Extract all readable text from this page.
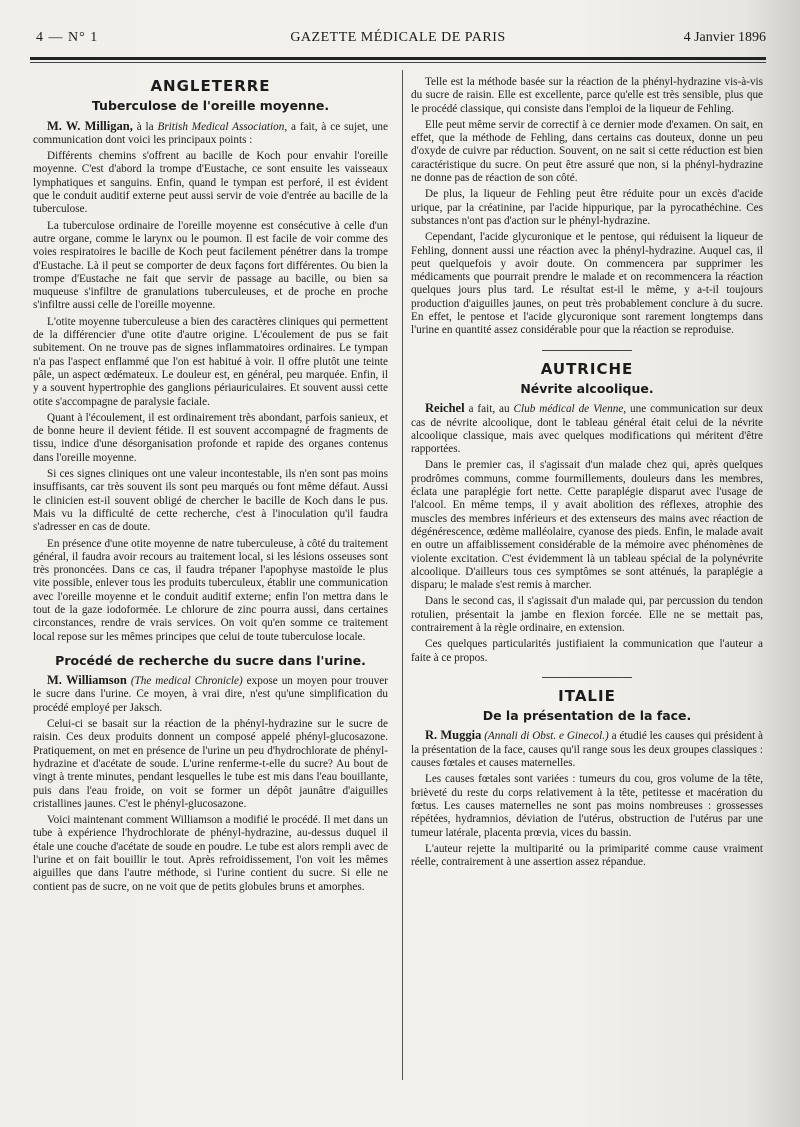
4 — N° 1	GAZETTE MÉDICALE DE PARIS	4 Janvier 1896
ANGLETERRE
Tuberculose de l'oreille moyenne.

M. W. Milligan, à la British Medical Association, a fait, à ce sujet, une communication dont voici les principaux points :

Différents chemins s'offrent au bacille de Koch pour envahir l'oreille moyenne. C'est d'abord la trompe d'Eustache, ce sont ensuite les vaisseaux lymphatiques et sanguins. Enfin, quand le tympan est perforé, il est évident que le conduit auditif externe peut aussi servir de voie d'entrée au bacille de la tuberculose.

La tuberculose ordinaire de l'oreille moyenne est consécutive à celle d'un autre organe, comme le larynx ou le poumon. Il est facile de voir comme des voies respiratoires le bacille de Koch peut facilement pénétrer dans la trompe d'Eustache. Là il peut se comporter de deux façons fort différentes. Ou bien la trompe d'Eustache ne fait que servir de passage au bacille, ou bien sa muqueuse s'infiltre de granulations tuberculeuses, et de proche en proche s'infiltre aussi celle de l'oreille moyenne.

L'otite moyenne tuberculeuse a bien des caractères cliniques qui permettent de la différencier d'une otite d'autre origine. L'écoulement de pus se fait subitement. On ne trouve pas de signes inflammatoires ordinaires. Le tympan n'a pas l'aspect enflammé que l'on est habitué à voir. Il offre plutôt une teinte pâle, un aspect œdémateux. Le douleur est, en général, peu marquée. Enfin, il y a souvent hypertrophie des ganglions périauriculaires. Et souvent aussi cette otite s'accompagne de paralysie faciale.

Quant à l'écoulement, il est ordinairement très abondant, parfois sanieux, et de bonne heure il devient fétide. Il est souvent accompagné de fragments de tissu, indice d'une désorganisation profonde et rapide des organes contenus dans l'oreille moyenne.

Si ces signes cliniques ont une valeur incontestable, ils n'en sont pas moins insuffisants, car très souvent ils sont peu marqués ou font même défaut. Aussi le clinicien est-il souvent obligé de chercher le bacille de Koch dans le pus. Mais vu la difficulté de cette recherche, c'est à l'inoculation qu'il faudra s'adresser en cas de doute.

En présence d'une otite moyenne de natre tuberculeuse, à côté du traitement général, il faudra avoir recours au traitement local, si les lésions osseuses sont très prononcées. Dans ce cas, il faudra trépaner l'apophyse mastoïde le plus vite possible, enlever tous les produits tuberculeux, établir une communication avec l'oreille moyenne et le conduit auditif externe; enfin l'on mettra dans le tout de la gaze iodoformée. Le chlorure de zinc pourra aussi, dans certaines circonstances, rendre de vrais services. On voit qu'en somme ce traitement local repose sur les mêmes principes que celui de toute tuberculose locale.

Procédé de recherche du sucre dans l'urine.

M. Williamson (The medical Chronicle) expose un moyen pour trouver le sucre dans l'urine. Ce moyen, à vrai dire, n'est qu'une simplification du procédé employé per Jaksch.

Celui-ci se basait sur la réaction de la phényl-hydrazine sur le sucre de raisin. Ces deux produits donnent un composé appelé phényl-glucosazone. Pratiquement, on met en présence de l'urine un peu d'hydrochlorate de phényl-hydrazine et d'acétate de soude. L'urine renferme-t-elle du sucre? Au bout de vingt à trente minutes, pendant lesquelles le tube est mis dans l'eau bouillante, puis dans l'eau froide, on voit se former un dépôt jaunâtre d'aiguilles cristallines jaunes. C'est le phényl-glucosazone.

Voici maintenant comment Williamson a modifié le procédé. Il met dans un tube à expérience l'hydrochlorate de phényl-hydrazine, au-dessus duquel il étale une couche d'acétate de soude en poudre. Le tube est alors rempli avec de l'urine et on fait bouillir le tout. Après refroidissement, l'on voit les mêmes aiguilles que dans l'autre méthode, si l'urine contient du sucre. Si elle ne contient pas de sucre, on ne voit que de petits globules bruns et amorphes.

Telle est la méthode basée sur la réaction de la phényl-hydrazine vis-à-vis du sucre de raisin. Elle est excellente, parce qu'elle est très sensible, plus que le procédé classique, qui consiste dans l'emploi de la liqueur de Fehling.

Elle peut même servir de correctif à ce dernier mode d'examen. On sait, en effet, que la méthode de Fehling, dans certains cas douteux, donne un peu d'oxyde de cuivre par réduction. Souvent, on ne sait si cette réduction est bien caractéristique du sucre. On peut être assuré que non, si la phényl-hydrazine ne donne pas de réaction de son côté.

De plus, la liqueur de Fehling peut être réduite pour un excès d'acide urique, par la créatinine, par l'acide hippurique, par la pyrocathéchine. Ces substances n'ont pas d'action sur le phényl-hydrazine.

Cependant, l'acide glycuronique et le pentose, qui réduisent la liqueur de Fehling, donnent aussi une réaction avec la phényl-hydrazine. Auquel cas, il peut quelquefois y avoir doute. On commencera par supprimer les médicaments que pourrait prendre le malade et on recommencera la réaction quelques jours plus tard. Le résultat est-il le même, y a-t-il toujours production d'aiguilles jaunes, on peut très probablement conclure à du sucre. En effet, le pentose et l'acide glycuronique sont rarement longtemps dans l'urine en quantité assez considérable pour que la réaction se reproduise.

AUTRICHE
Névrite alcoolique.

Reichel a fait, au Club médical de Vienne, une communication sur deux cas de névrite alcoolique, dont le tableau général était celui de la névrite alcoolique classique, mais avec quelques modifications qui méritent d'être rapportées.

Dans le premier cas, il s'agissait d'un malade chez qui, après quelques prodrômes communs, comme fourmillements, douleurs dans les membres, éclata une paraplégie fort nette. Cette paraplégie disparut avec l'usage de l'alcool. En même temps, il y avait abolition des réflexes, atrophie des muscles des membres inférieurs et des extenseurs des mains avec réaction de dégénérescence, œdème malléolaire, cyanose des pieds. Enfin, le malade avait en outre un affaiblissement considérable de la mémoire avec phénomènes de violente excitation. C'est évidemment là un tableau spécial de la polynévrite alcoolique. D'ailleurs tous ces symptômes se sont atténués, la paraplégie a disparu; le malade s'est remis à marcher.

Dans le second cas, il s'agissait d'un malade qui, par percussion du tendon rotulien, présentait la jambe en flexion forcée. Elle ne se mettait pas, contrairement à la règle ordinaire, en extension.

Ces quelques particularités justifiaient la communication que l'auteur a faite à ce propos.

ITALIE
De la présentation de la face.

R. Muggia (Annali di Obst. e Ginecol.) a étudié les causes qui président à la présentation de la face, causes qu'il range sous les deux groupes classiques : causes fœtales et causes maternelles.

Les causes fœtales sont variées : tumeurs du cou, gros volume de la tête, brièveté du reste du corps relativement à la tête, petitesse et macération du fœtus. Les causes maternelles ne sont pas moins nombreuses : grossesses répétées, hydramnios, déviation de l'utérus, obstruction de l'utérus par une tumeur latérale, placenta prœvia, vices du bassin.

L'auteur rejette la multiparité ou la primiparité comme cause vraiment réelle, contrairement à une assertion assez répandue.
